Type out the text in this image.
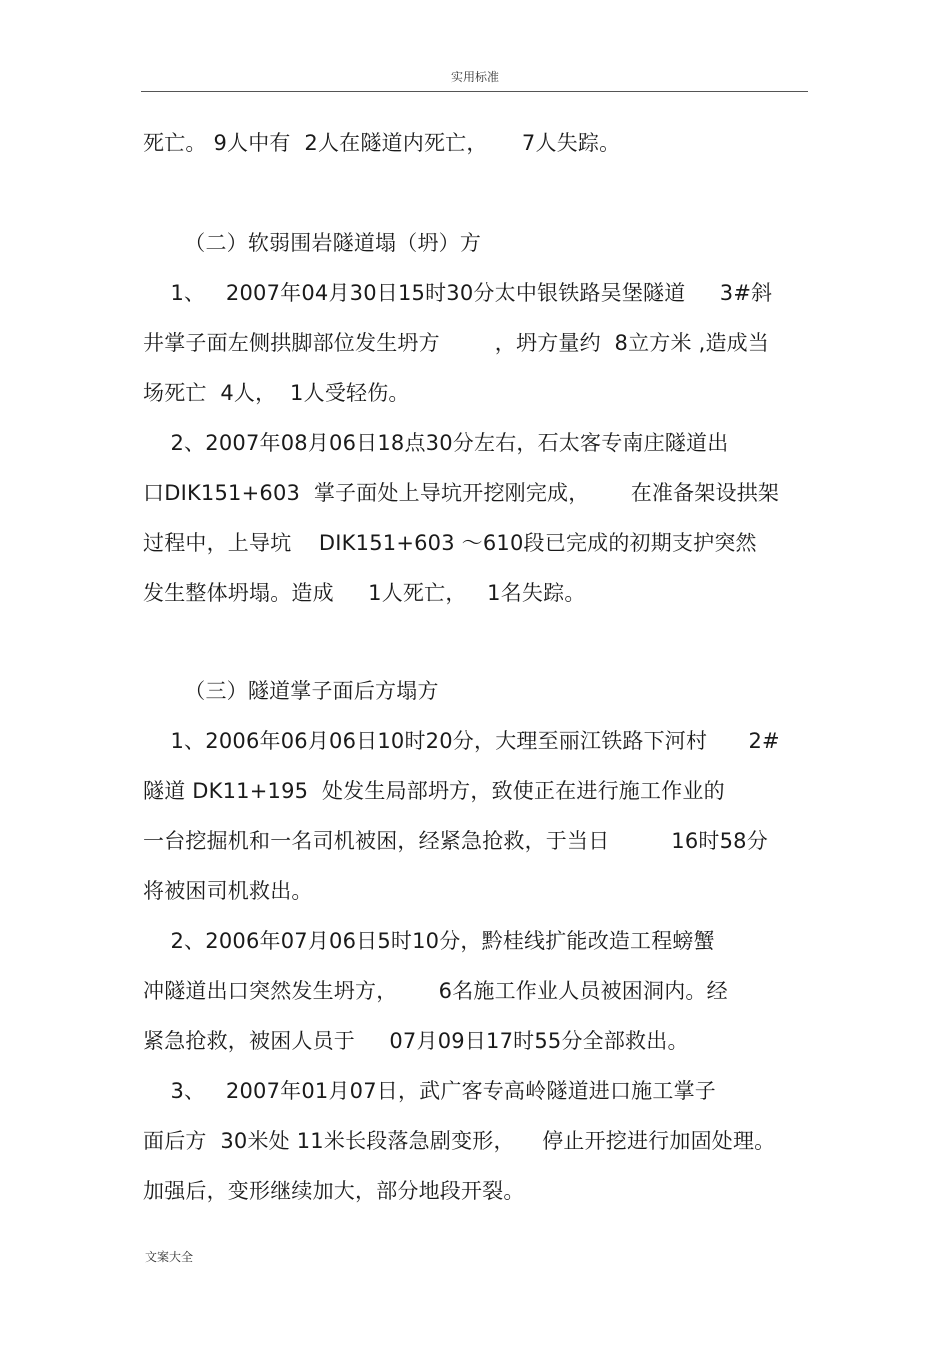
实用标准
死亡。 9人中有  2人在隧道内死亡，     7人失踪。
（二）软弱围岩隧道塌（坍）方
1、   2007年04月30日15时30分太中银铁路吴堡隧道     3#斜
井掌子面左侧拱脚部位发生坍方        ，坍方量约  8立方米 ,造成当
场死亡  4人，  1人受轻伤。
2、2007年08月06日18点30分左右，石太客专南庄隧道出
口DIK151+603  掌子面处上导坑开挖刚完成，      在准备架设拱架
过程中，上导坑    DIK151+603 ～610段已完成的初期支护突然
发生整体坍塌。造成     1人死亡，   1名失踪。
（三）隧道掌子面后方塌方
1、2006年06月06日10时20分，大理至丽江铁路下河村      2#
隧道 DK11+195  处发生局部坍方，致使正在进行施工作业的
一台挖掘机和一名司机被困，经紧急抢救，于当日         16时58分
将被困司机救出。
2、2006年07月06日5时10分，黔桂线扩能改造工程螃蟹
冲隧道出口突然发生坍方，      6名施工作业人员被困洞内。经
紧急抢救，被困人员于     07月09日17时55分全部救出。
3、   2007年01月07日，武广客专高岭隧道进口施工掌子
面后方  30米处 11米长段落急剧变形，    停止开挖进行加固处理。
加强后，变形继续加大，部分地段开裂。
文案大全
